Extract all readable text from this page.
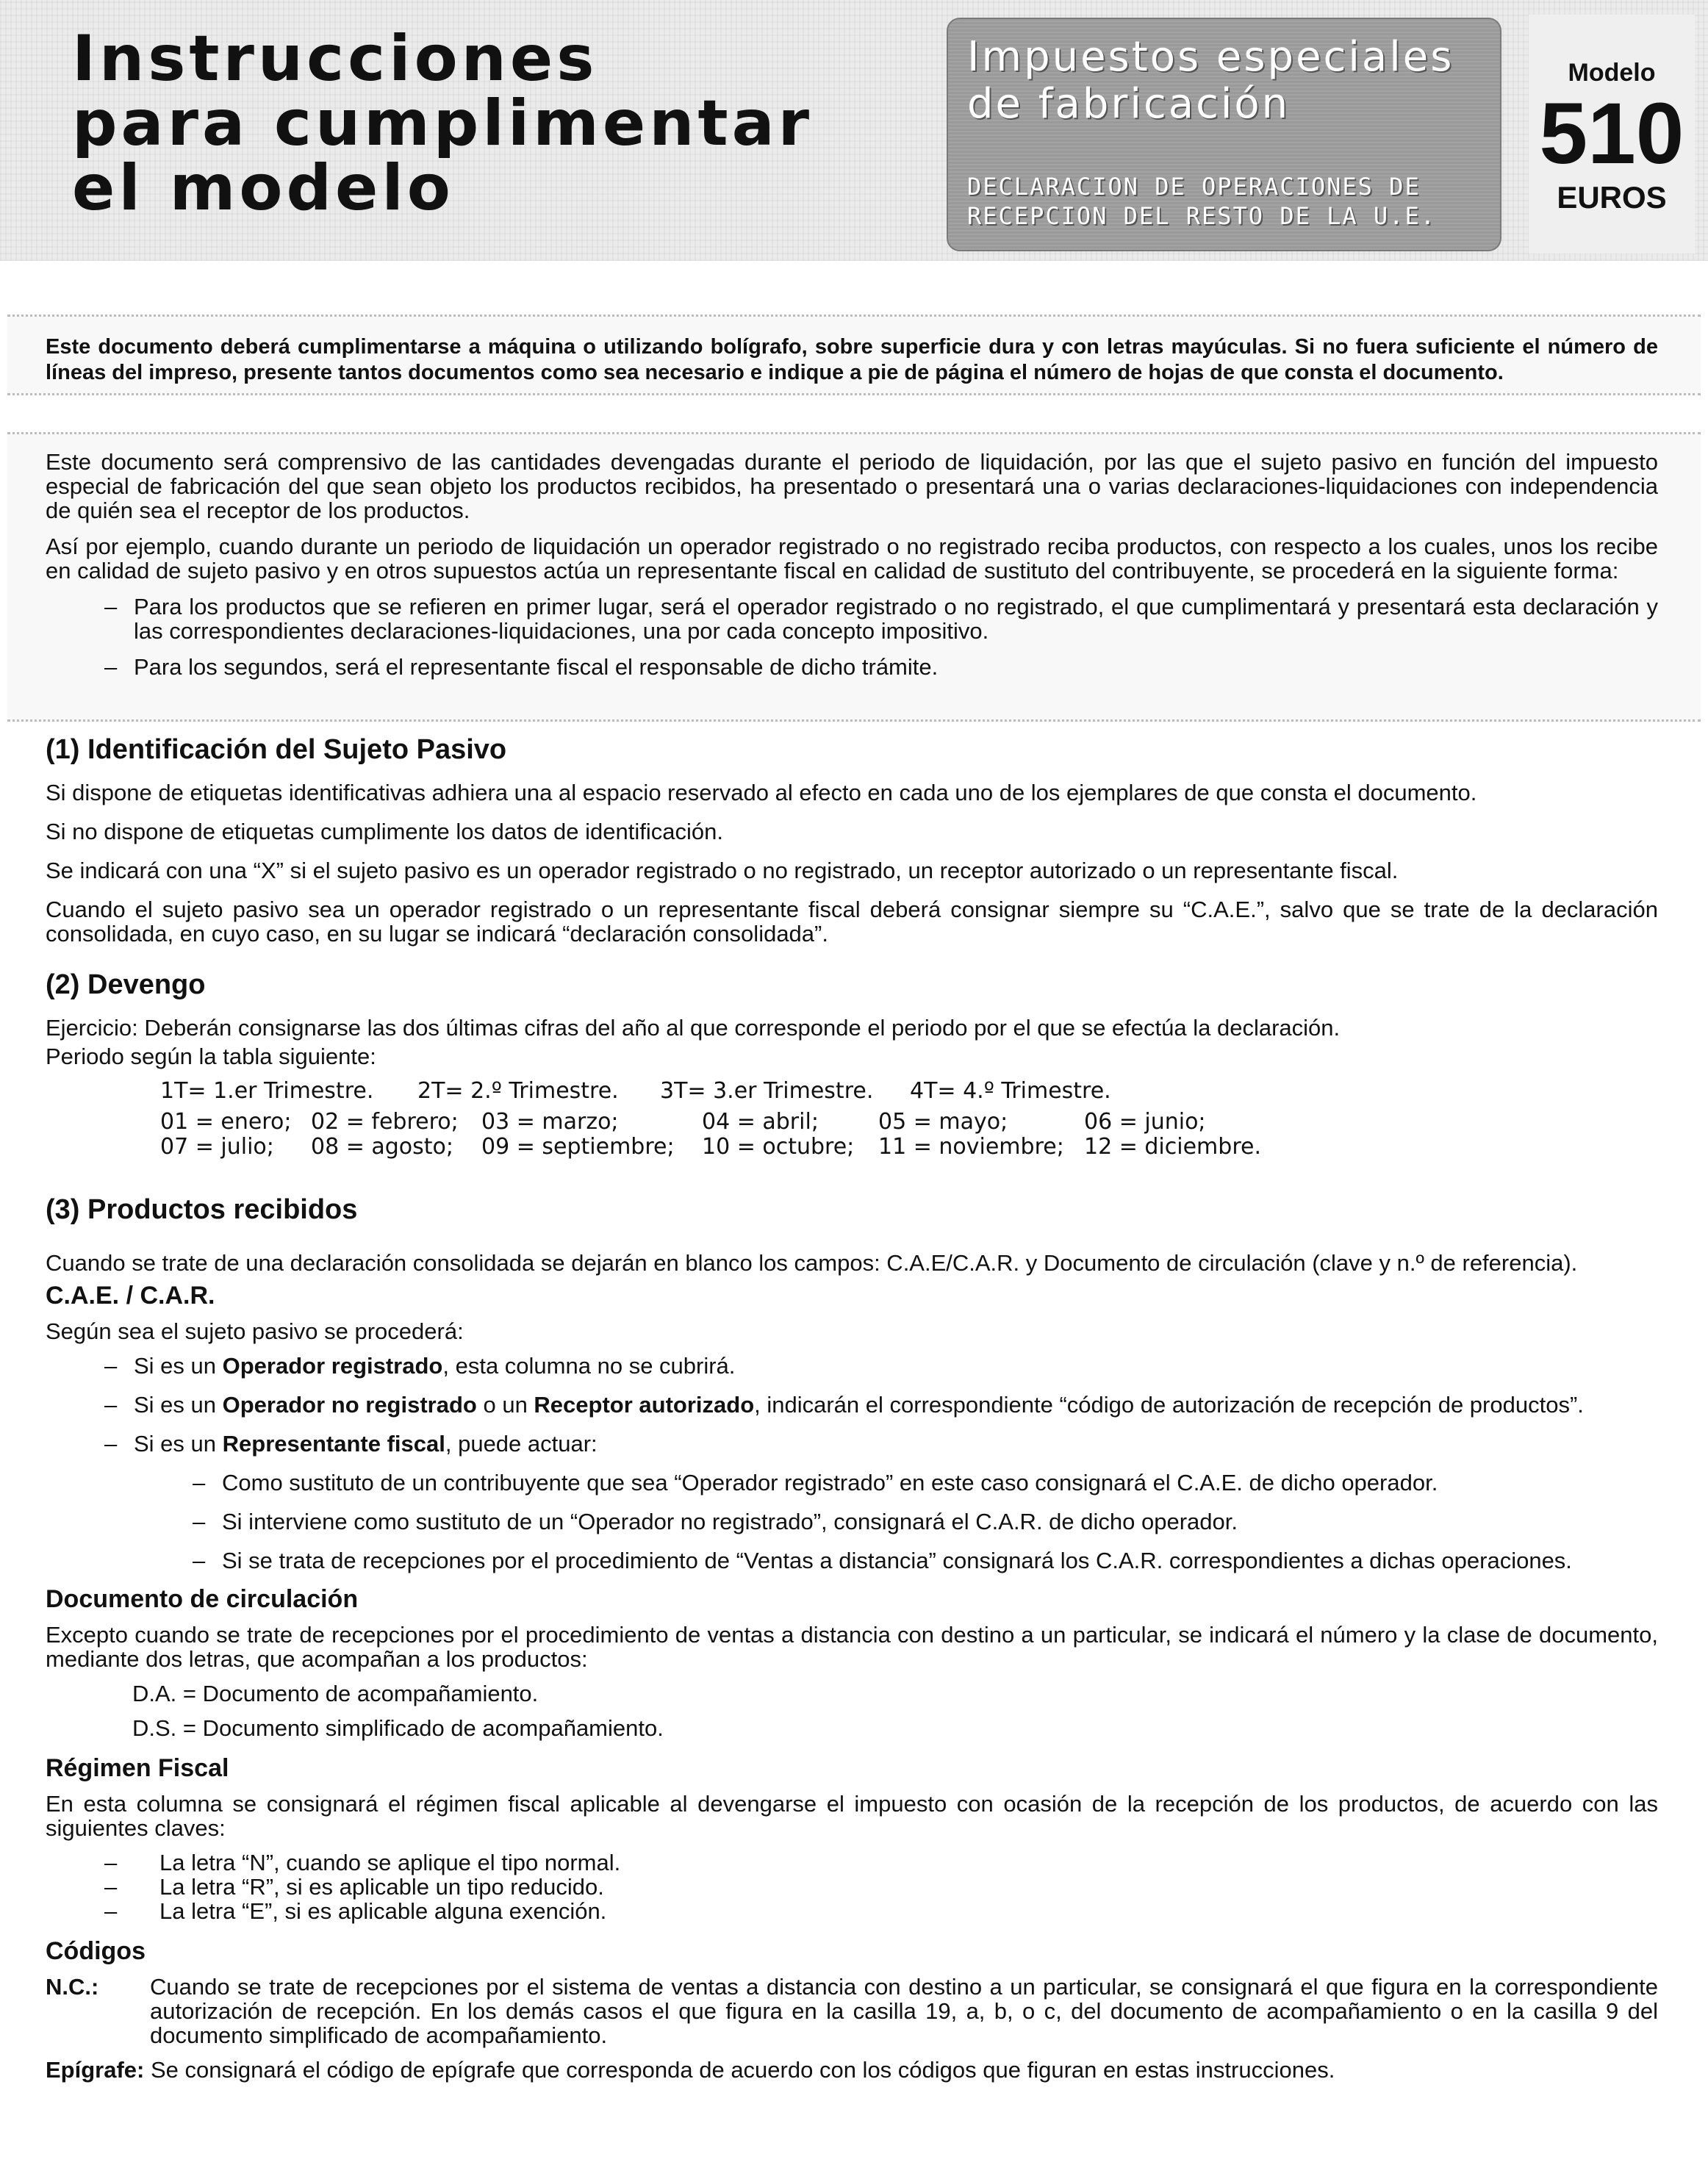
Instrucciones
para cumplimentar
el modelo
Impuestos especiales
de fabricación
DECLARACION DE OPERACIONES DE
RECEPCION DEL RESTO DE LA U.E.
Modelo
510
EUROS
Este documento deberá cumplimentarse a máquina o utilizando bolígrafo, sobre superficie dura y con letras mayúculas. Si no fuera suficiente el número de líneas del impreso, presente tantos documentos como sea necesario e indique a pie de página el número de hojas de que consta el documento.

Este documento será comprensivo de las cantidades devengadas durante el periodo de liquidación, por las que el sujeto pasivo en función del impuesto especial de fabricación del que sean objeto los productos recibidos, ha presentado o presentará una o varias declaraciones-liquidaciones con independencia de quién sea el receptor de los productos.

Así por ejemplo, cuando durante un periodo de liquidación un operador registrado o no registrado reciba productos, con respecto a los cuales, unos los recibe en calidad de sujeto pasivo y en otros supuestos actúa un representante fiscal en calidad de sustituto del contribuyente, se procederá en la siguiente forma:

– Para los productos que se refieren en primer lugar, será el operador registrado o no registrado, el que cumplimentará y presentará esta declaración y las correspondientes declaraciones-liquidaciones, una por cada concepto impositivo.

– Para los segundos, será el representante fiscal el responsable de dicho trámite.

(1) Identificación del Sujeto Pasivo

Si dispone de etiquetas identificativas adhiera una al espacio reservado al efecto en cada uno de los ejemplares de que consta el documento.

Si no dispone de etiquetas cumplimente los datos de identificación.

Se indicará con una “X” si el sujeto pasivo es un operador registrado o no registrado, un receptor autorizado o un representante fiscal.

Cuando el sujeto pasivo sea un operador registrado o un representante fiscal deberá consignar siempre su “C.A.E.”, salvo que se trate de la declaración consolidada, en cuyo caso, en su lugar se indicará “declaración consolidada”.

(2) Devengo

Ejercicio: Deberán consignarse las dos últimas cifras del año al que corresponde el periodo por el que se efectúa la declaración.

Periodo según la tabla siguiente:

1T= 1.er Trimestre. 2T= 2.º Trimestre. 3T= 3.er Trimestre. 4T= 4.º Trimestre.
01 = enero; 02 = febrero;	03 = marzo;	04 = abril;	05 = mayo;	06 = junio;
07 = julio;	08 = agosto;	09 = septiembre;	10 = octubre;	11 = noviembre; 12 = diciembre.
(3) Productos recibidos

Cuando se trate de una declaración consolidada se dejarán en blanco los campos: C.A.E/C.A.R. y Documento de circulación (clave y n.º de referencia).

C.A.E. / C.A.R.

Según sea el sujeto pasivo se procederá:

– Si es un Operador registrado, esta columna no se cubrirá.

– Si es un Operador no registrado o un Receptor autorizado, indicarán el correspondiente “código de autorización de recepción de productos”.

– Si es un Representante fiscal, puede actuar:

– Como sustituto de un contribuyente que sea “Operador registrado” en este caso consignará el C.A.E. de dicho operador.

– Si interviene como sustituto de un “Operador no registrado”, consignará el C.A.R. de dicho operador.

– Si se trata de recepciones por el procedimiento de “Ventas a distancia” consignará los C.A.R. correspondientes a dichas operaciones.

Documento de circulación

Excepto cuando se trate de recepciones por el procedimiento de ventas a distancia con destino a un particular, se indicará el número y la clase de documento, mediante dos letras, que acompañan a los productos:

D.A. = Documento de acompañamiento.

D.S. = Documento simplificado de acompañamiento.

Régimen Fiscal

En esta columna se consignará el régimen fiscal aplicable al devengarse el impuesto con ocasión de la recepción de los productos, de acuerdo con las siguientes claves:

– La letra “N”, cuando se aplique el tipo normal.

– La letra “R”, si es aplicable un tipo reducido.

– La letra “E”, si es aplicable alguna exención.

Códigos
N.C.: Cuando se trate de recepciones por el sistema de ventas a distancia con destino a un particular, se consignará el que figura en la correspondiente autorización de recepción. En los demás casos el que figura en la casilla 19, a, b, o c, del documento de acompañamiento o en la casilla 9 del documento simplificado de acompañamiento.
Epígrafe: Se consignará el código de epígrafe que corresponda de acuerdo con los códigos que figuran en estas instrucciones.
